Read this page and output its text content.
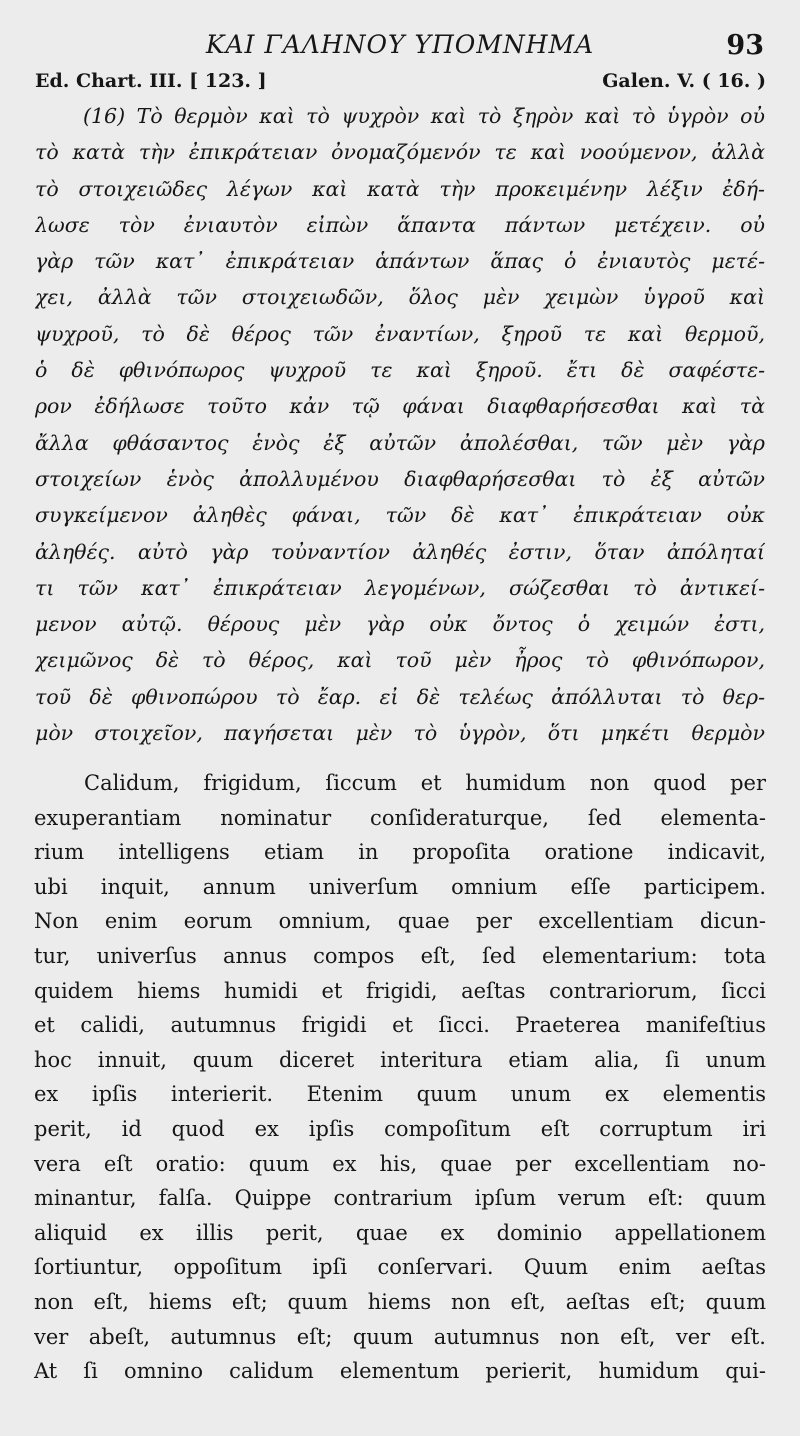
ΚΑΙ ΓΑΛΗΝΟΥ ΥΠΟΜΝΗΜΑ	93
Ed. Chart. III. [ 123. ]	Galen. V. ( 16. )
(16) Τὸ θερμὸν καὶ τὸ ψυχρὸν καὶ τὸ ξηρὸν καὶ τὸ ὑγρὸν οὐ
τὸ κατὰ τὴν ἐπικράτειαν ὀνομαζόμενόν τε καὶ νοούμενον, ἀλλὰ
τὸ στοιχειῶδες λέγων καὶ κατὰ τὴν προκειμένην λέξιν ἐδή-
λωσε τὸν ἐνιαυτὸν εἰπὼν ἅπαντα πάντων μετέχειν. οὐ
γὰρ τῶν κατ᾽ ἐπικράτειαν ἁπάντων ἅπας ὁ ἐνιαυτὸς μετέ-
χει, ἀλλὰ τῶν στοιχειωδῶν, ὅλος μὲν χειμὼν ὑγροῦ καὶ
ψυχροῦ, τὸ δὲ θέρος τῶν ἐναντίων, ξηροῦ τε καὶ θερμοῦ,
ὁ δὲ φθινόπωρος ψυχροῦ τε καὶ ξηροῦ. ἔτι δὲ σαφέστε-
ρον ἐδήλωσε τοῦτο κἀν τῷ φάναι διαφθαρήσεσθαι καὶ τὰ
ἄλλα φθάσαντος ἑνὸς ἐξ αὐτῶν ἀπολέσθαι, τῶν μὲν γὰρ
στοιχείων ἑνὸς ἀπολλυμένου διαφθαρήσεσθαι τὸ ἐξ αὐτῶν
συγκείμενον ἀληθὲς φάναι, τῶν δὲ κατ᾽ ἐπικράτειαν οὐκ
ἀληθές. αὐτὸ γὰρ τοὐναντίον ἀληθές ἐστιν, ὅταν ἀπόληταί
τι τῶν κατ᾽ ἐπικράτειαν λεγομένων, σώζεσθαι τὸ ἀντικεί-
μενον αὐτῷ. θέρους μὲν γὰρ οὐκ ὄντος ὁ χειμών ἐστι,
χειμῶνος δὲ τὸ θέρος, καὶ τοῦ μὲν ἦρος τὸ φθινόπωρον,
τοῦ δὲ φθινοπώρου τὸ ἔαρ. εἰ δὲ τελέως ἀπόλλυται τὸ θερ-
μὸν στοιχεῖον, παγήσεται μὲν τὸ ὑγρὸν, ὅτι μηκέτι θερμὸν
Calidum, frigidum, ſiccum et humidum non quod per
exuperantiam nominatur conſideraturque, ſed elementa-
rium intelligens etiam in propoſita oratione indicavit,
ubi inquit, annum univerſum omnium eſſe participem.
Non enim eorum omnium, quae per excellentiam dicun-
tur, univerſus annus compos eſt, ſed elementarium: tota
quidem hiems humidi et frigidi, aeſtas contrariorum, ſicci
et calidi, autumnus frigidi et ſicci. Praeterea manifeſtius
hoc innuit, quum diceret interitura etiam alia, ſi unum
ex ipſis interierit. Etenim quum unum ex elementis
perit, id quod ex ipſis compoſitum eſt corruptum iri
vera eſt oratio: quum ex his, quae per excellentiam no-
minantur, falſa. Quippe contrarium ipſum verum eſt: quum
aliquid ex illis perit, quae ex dominio appellationem
ſortiuntur, oppoſitum ipſi conſervari. Quum enim aeſtas
non eſt, hiems eſt; quum hiems non eſt, aeſtas eſt; quum
ver abeſt, autumnus eſt; quum autumnus non eſt, ver eſt.
At ſi omnino calidum elementum perierit, humidum qui-
